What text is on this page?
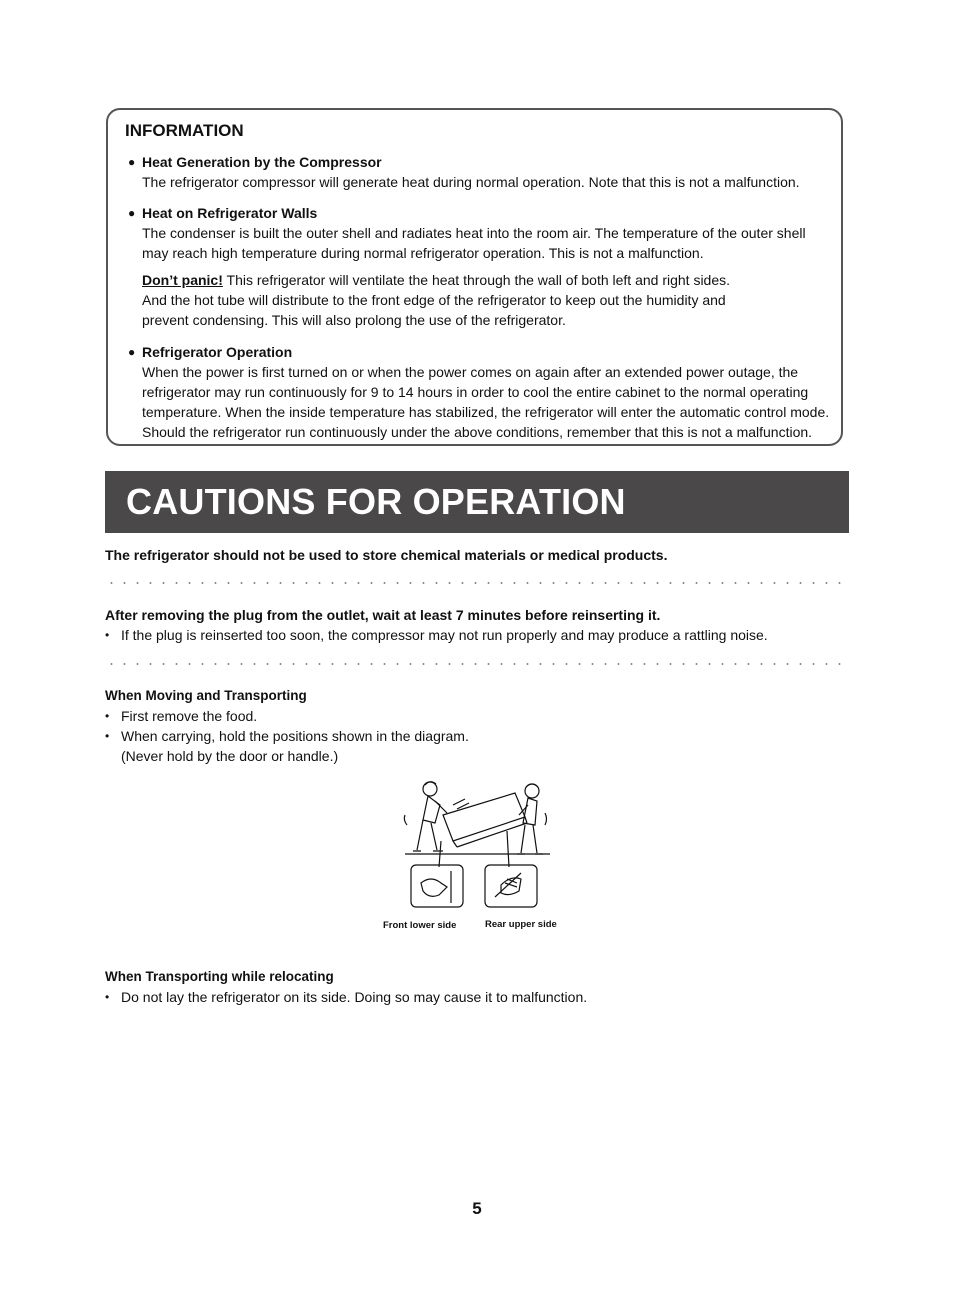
INFORMATION
● Heat Generation by the Compressor
The refrigerator compressor will generate heat during normal operation. Note that this is not a malfunction.
● Heat on Refrigerator Walls
The condenser is built the outer shell and radiates heat into the room air. The temperature of the outer shell
may reach high temperature during normal refrigerator operation. This is not a malfunction.
Don’t panic! This refrigerator will ventilate the heat through the wall of both left and right sides.
And the hot tube will distribute to the front edge of the refrigerator to keep out the humidity and
prevent condensing. This will also prolong the use of the refrigerator.
● Refrigerator Operation
When the power is first turned on or when the power comes on again after an extended power outage, the
refrigerator may run continuously for 9 to 14 hours in order to cool the entire cabinet to the normal operating
temperature. When the inside temperature has stabilized, the refrigerator will enter the automatic control mode.
Should the refrigerator run continuously under the above conditions, remember that this is not a malfunction.
CAUTIONS FOR OPERATION
The refrigerator should not be used to store chemical materials or medical products.
After removing the plug from the outlet, wait at least 7 minutes before reinserting it.
• If the plug is reinserted too soon, the compressor may not run properly and may produce a rattling noise.
When Moving and Transporting
• First remove the food.
• When carrying, hold the positions shown in the diagram.
(Never hold by the door or handle.)
Front lower side	Rear upper side
When Transporting while relocating
• Do not lay the refrigerator on its side. Doing so may cause it to malfunction.
5
